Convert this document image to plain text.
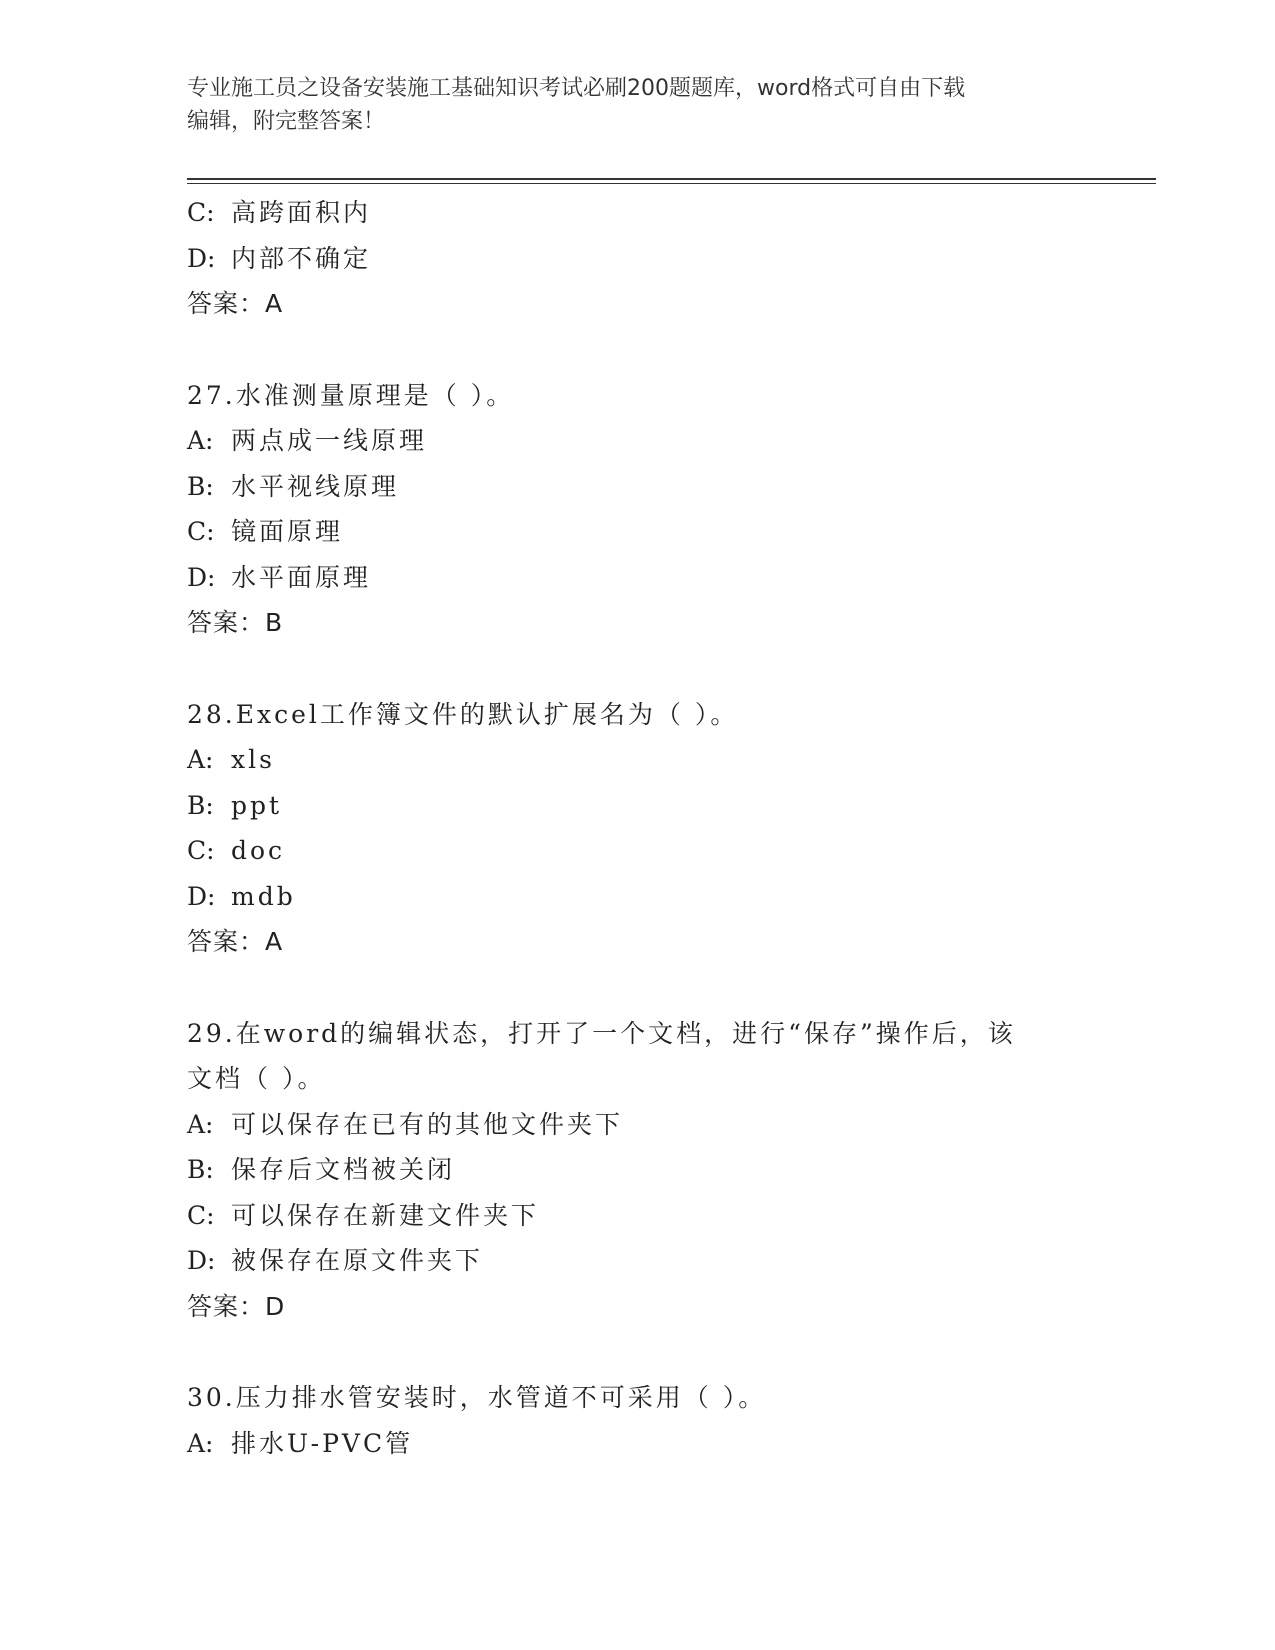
专业施工员之设备安装施工基础知识考试必刷200题题库，word格式可自由下载
编辑，附完整答案！
C: 高跨面积内
D: 内部不确定
答案：A
27.水准测量原理是（ ）。
A: 两点成一线原理
B: 水平视线原理
C: 镜面原理
D: 水平面原理
答案：B
28.Excel工作簿文件的默认扩展名为（ ）。
A: xls
B: ppt
C: doc
D: mdb
答案：A
29.在word的编辑状态，打开了一个文档，进行“保存”操作后，该
文档（ ）。
A: 可以保存在已有的其他文件夹下
B: 保存后文档被关闭
C: 可以保存在新建文件夹下
D: 被保存在原文件夹下
答案：D
30.压力排水管安装时，水管道不可采用（ ）。
A: 排水U-PVC管
